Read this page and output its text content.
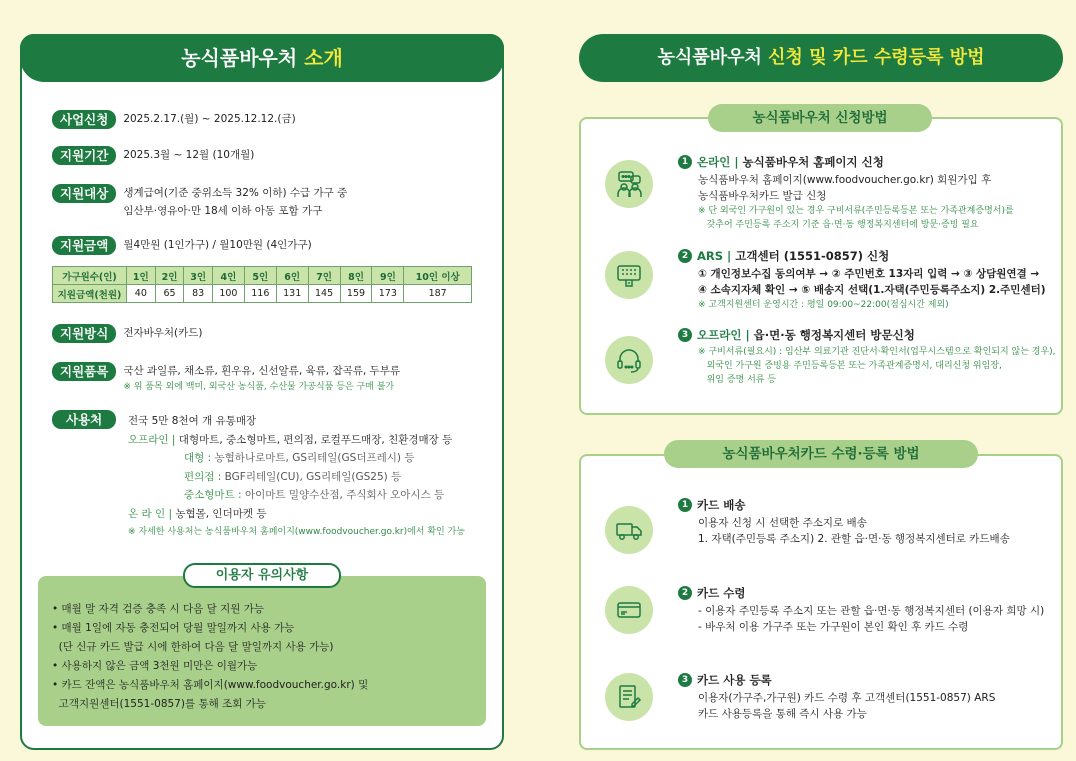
농식품바우처 소개
사업신청	2025.2.17.(월) ~ 2025.12.12.(금)
지원기간	2025.3월 ~ 12월 (10개월)
지원대상	생계급여(기준 중위소득 32% 이하) 수급 가구 중
임산부·영유아·만 18세 이하 아동 포함 가구
지원금액	월4만원 (1인가구) / 월10만원 (4인가구)
가구원수(인)	1인	2인	3인	4인	5인	6인	7인	8인	9인	10인 이상
지원금액(천원)	40	65	83	100	116	131	145	159	173	187
지원방식	전자바우처(카드)
지원품목	국산 과일류, 채소류, 흰우유, 신선알류, 육류, 잡곡류, 두부류
※ 위 품목 외에 백미, 외국산 농식품, 수산물 가공식품 등은 구매 불가
사용처	전국 5만 8천여 개 유통매장
오프라인 | 대형마트, 중소형마트, 편의점, 로컬푸드매장, 친환경매장 등
대형 : 농협하나로마트, GS리테일(GS더프레시) 등
편의점 : BGF리테일(CU), GS리테일(GS25) 등
중소형마트 : 아이마트 밀양수산점, 주식회사 오아시스 등
온 라 인 | 농협몰, 인더마켓 등
※ 자세한 사용처는 농식품바우처 홈페이지(www.foodvoucher.go.kr)에서 확인 가능
• 매월 말 자격 검증 충족 시 다음 달 지원 가능
• 매월 1일에 자동 충전되어 당월 말일까지 사용 가능
(단 신규 카드 발급 시에 한하여 다음 달 말일까지 사용 가능)
• 사용하지 않은 금액 3천원 미만은 이월가능
• 카드 잔액은 농식품바우처 홈페이지(www.foodvoucher.go.kr) 및
고객지원센터(1551-0857)를 통해 조회 가능
이용자 유의사항
농식품바우처 신청 및 카드 수령등록 방법
농식품바우처 신청방법
1 온라인 |
농식품바우처 홈페이지 신청
농식품바우처 홈페이지(www.foodvoucher.go.kr) 회원가입 후
농식품바우처카드 발급 신청
※ 단 외국인 가구원이 있는 경우 구비서류(주민등록등본 또는 가족관계증명서)를
갖추어 주민등록 주소지 기준 읍·면·동 행정복지센터에 방문·증빙 필요
2 ARS |
고객센터 (1551-0857) 신청
① 개인정보수집 동의여부 → ② 주민번호 13자리 입력 → ③ 상담원연결 →
④ 소속지자체 확인 → ⑤ 배송지 선택(1.자택(주민등록주소지) 2.주민센터)
※ 고객지원센터 운영시간 : 평일 09:00~22:00(점심시간 제외)
3 오프라인 |
읍·면·동 행정복지센터 방문신청
※ 구비서류(필요시) : 임산부 의료기관 진단서·확인서(업무시스템으로 확인되지 않는 경우),
외국인 가구원 증빙용 주민등록등본 또는 가족관계증명서, 대리신청 위임장,
위임 증명 서류 등
농식품바우처카드 수령·등록 방법
1 카드 배송
이용자 신청 시 선택한 주소지로 배송
1. 자택(주민등록 주소지) 2. 관할 읍·면·동 행정복지센터로 카드배송
2 카드 수령
- 이용자 주민등록 주소지 또는 관할 읍·면·동 행정복지센터 (이용자 희망 시)
- 바우처 이용 가구주 또는 가구원이 본인 확인 후 카드 수령
3 카드 사용 등록
이용자(가구주,가구원) 카드 수령 후 고객센터(1551-0857) ARS
카드 사용등록을 통해 즉시 사용 가능
